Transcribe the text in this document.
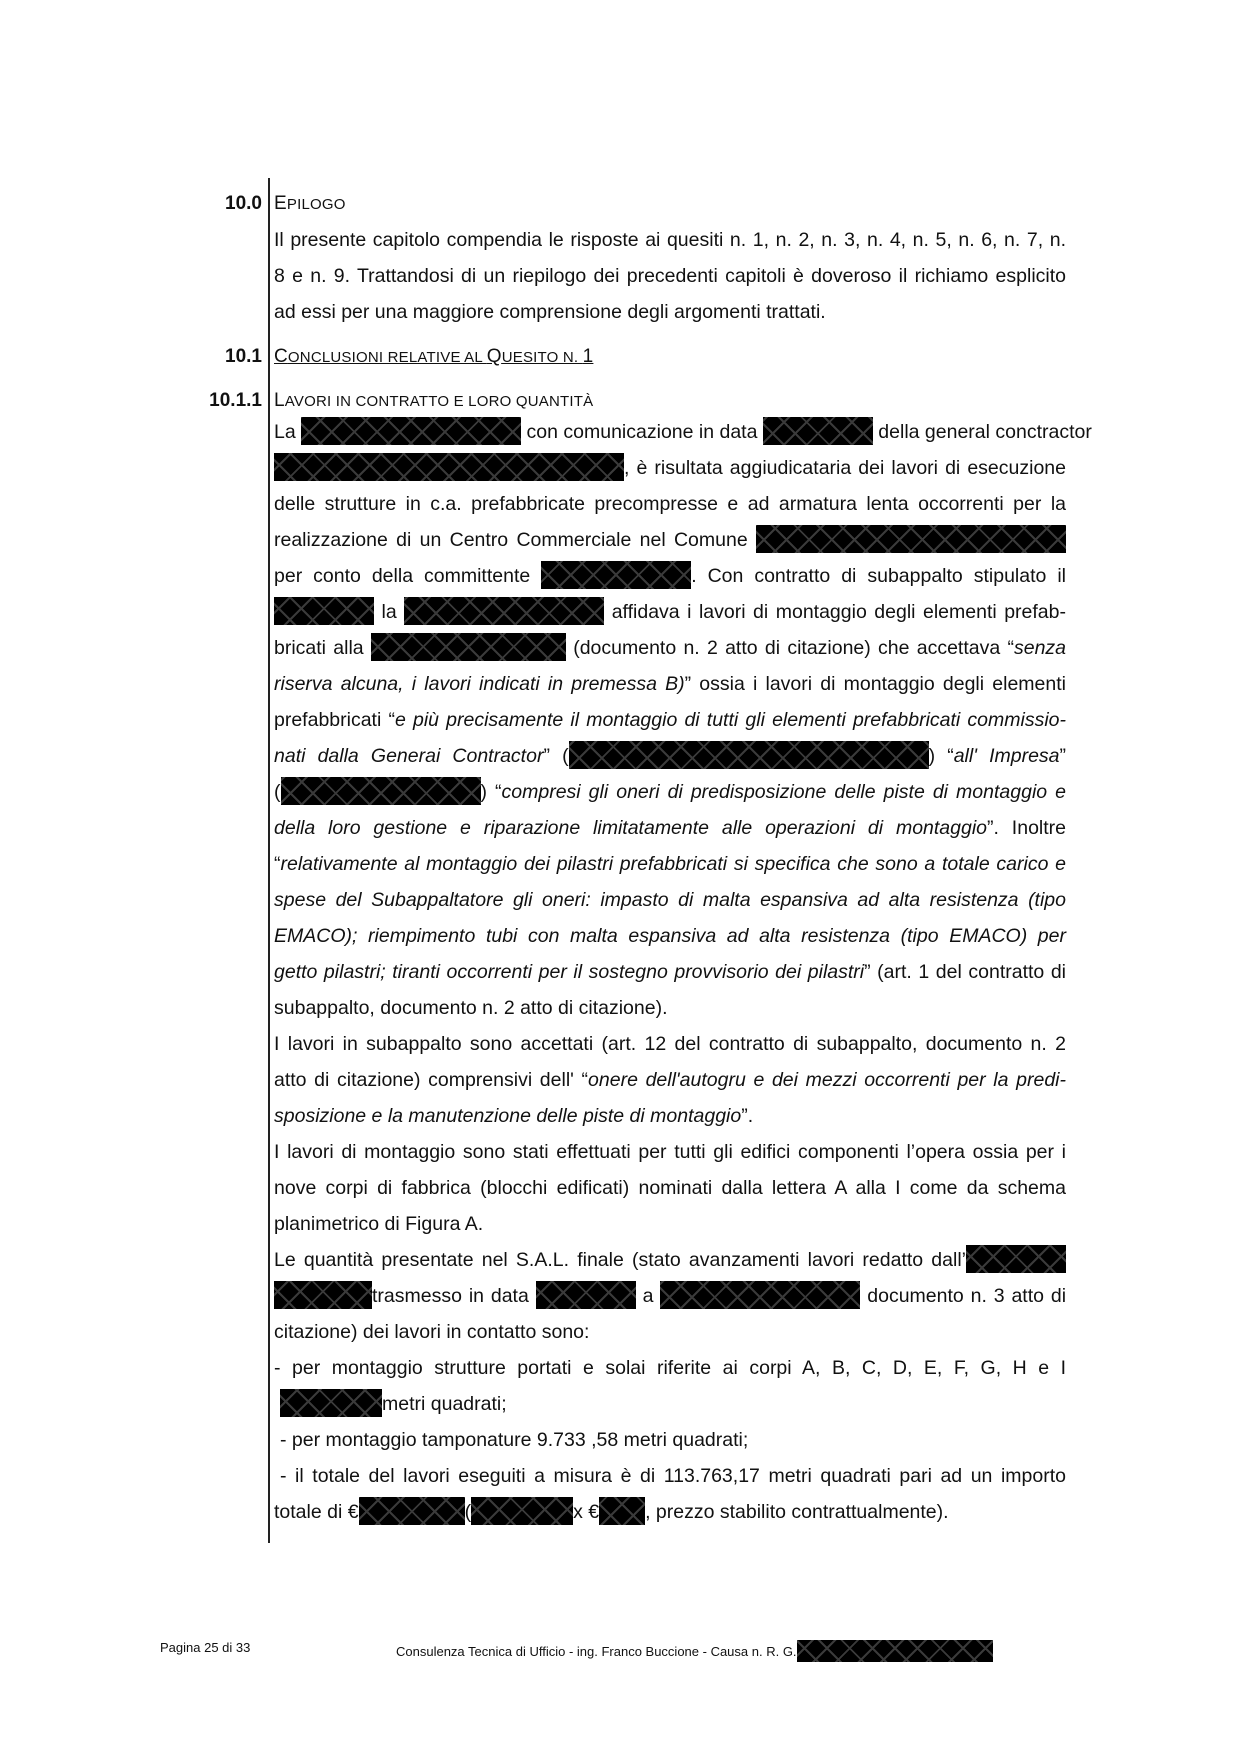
10.0 EPILOGO
Il presente capitolo compendia le risposte ai quesiti n. 1, n. 2, n. 3, n. 4, n. 5, n. 6, n. 7, n.
8 e n. 9. Trattandosi di un riepilogo dei precedenti capitoli è doveroso il richiamo esplicito
ad essi per una maggiore comprensione degli argomenti trattati.
10.1 CONCLUSIONI RELATIVE AL QUESITO N. 1
10.1.1 LAVORI IN CONTRATTO E LORO QUANTITÀ
La	con comunicazione in data	della general conctractor
, è risultata aggiudicataria dei lavori di esecuzione
delle strutture in c.a. prefabbricate precompresse e ad armatura lenta occorrenti per la
realizzazione di un Centro Commerciale nel Comune
per conto della committente	. Con contratto di subappalto stipulato il
la	affidava i lavori di montaggio degli elementi prefab-
bricati alla	(documento n. 2 atto di citazione) che accettava “senza
riserva alcuna, i lavori indicati in premessa B)” ossia i lavori di montaggio degli elementi
prefabbricati “e più precisamente il montaggio di tutti gli elementi prefabbricati commissio-
nati dalla Generai Contractor” (	) “all' Impresa”
(	) “compresi gli oneri di predisposizione delle piste di montaggio e
della loro gestione e riparazione limitatamente alle operazioni di montaggio”. Inoltre
“relativamente al montaggio dei pilastri prefabbricati si specifica che sono a totale carico e
spese del Subappaltatore gli oneri: impasto di malta espansiva ad alta resistenza (tipo
EMACO); riempimento tubi con malta espansiva ad alta resistenza (tipo EMACO) per
getto pilastri; tiranti occorrenti per il sostegno provvisorio dei pilastri” (art. 1 del contratto di
subappalto, documento n. 2 atto di citazione).
I lavori in subappalto sono accettati (art. 12 del contratto di subappalto, documento n. 2
atto di citazione) comprensivi dell' “onere dell'autogru e dei mezzi occorrenti per la predi-
sposizione e la manutenzione delle piste di montaggio”.
I lavori di montaggio sono stati effettuati per tutti gli edifici componenti l’opera ossia per i
nove corpi di fabbrica (blocchi edificati) nominati dalla lettera A alla I come da schema
planimetrico di Figura A.
Le quantità presentate nel S.A.L. finale (stato avanzamenti lavori redatto dall’
trasmesso in data	a	documento n. 3 atto di
citazione) dei lavori in contatto sono:
- per montaggio strutture portati e solai riferite ai corpi A, B, C, D, E, F, G, H e I
metri quadrati;
- per montaggio tamponature 9.733 ,58 metri quadrati;
- il totale del lavori eseguiti a misura è di 113.763,17 metri quadrati pari ad un importo
totale di €	(	x € , prezzo stabilito contrattualmente).
Pagina 25 di 33	Consulenza Tecnica di Ufficio - ing. Franco Buccione - Causa n. R. G.
